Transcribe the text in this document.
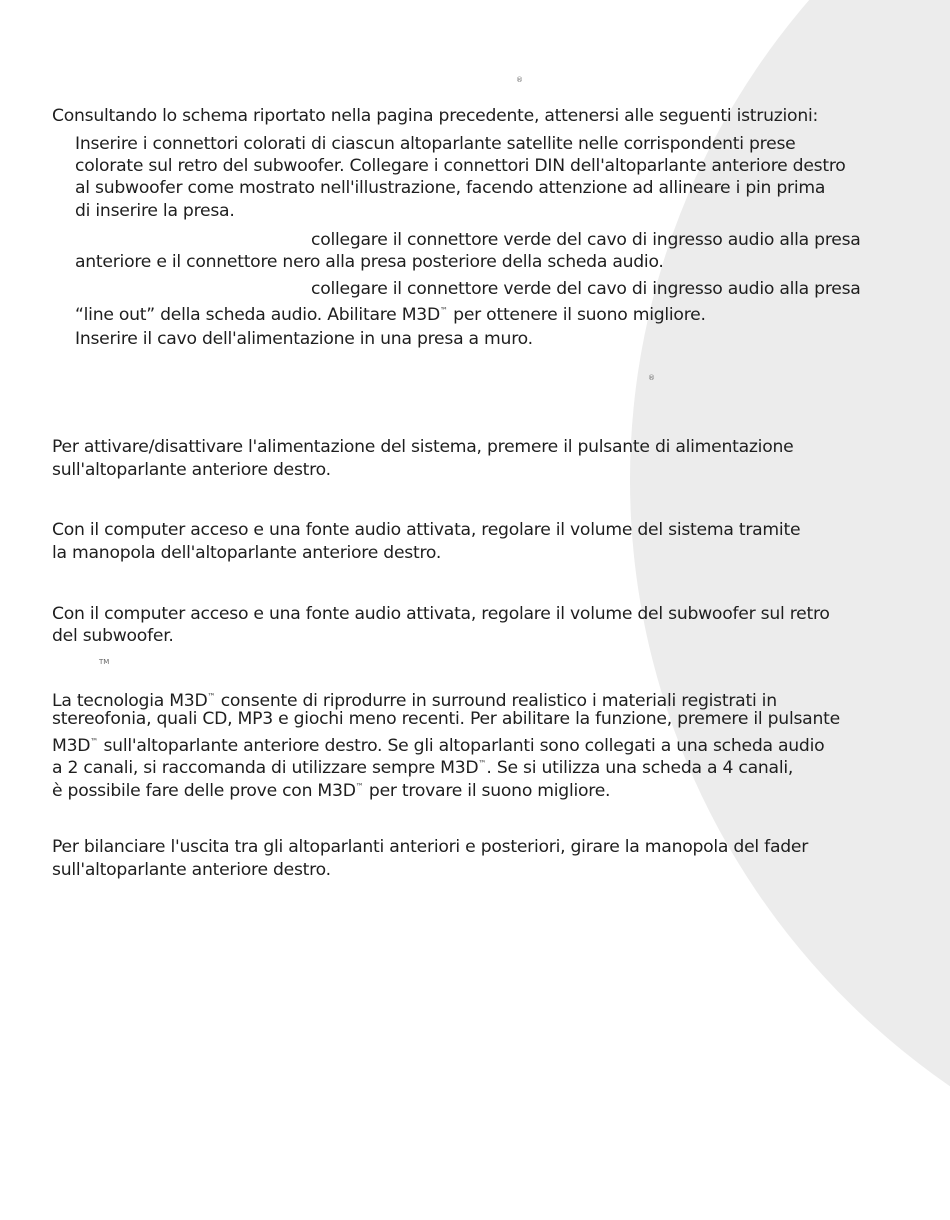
®
Consultando lo schema riportato nella pagina precedente, attenersi alle seguenti istruzioni:
Inserire i connettori colorati di ciascun altoparlante satellite nelle corrispondenti prese
colorate sul retro del subwoofer. Collegare i connettori DIN dell'altoparlante anteriore destro
al subwoofer come mostrato nell'illustrazione, facendo attenzione ad allineare i pin prima
di inserire la presa.
collegare il connettore verde del cavo di ingresso audio alla presa
anteriore e il connettore nero alla presa posteriore della scheda audio.
collegare il connettore verde del cavo di ingresso audio alla presa
“line out” della scheda audio. Abilitare M3D™ per ottenere il suono migliore.
Inserire il cavo dell'alimentazione in una presa a muro.
®
Per attivare/disattivare l'alimentazione del sistema, premere il pulsante di alimentazione
sull'altoparlante anteriore destro.
Con il computer acceso e una fonte audio attivata, regolare il volume del sistema tramite
la manopola dell'altoparlante anteriore destro.
Con il computer acceso e una fonte audio attivata, regolare il volume del subwoofer sul retro
del subwoofer.
TM
La tecnologia M3D™ consente di riprodurre in surround realistico i materiali registrati in
stereofonia, quali CD, MP3 e giochi meno recenti. Per abilitare la funzione, premere il pulsante
M3D™ sull'altoparlante anteriore destro. Se gli altoparlanti sono collegati a una scheda audio
a 2 canali, si raccomanda di utilizzare sempre M3D™. Se si utilizza una scheda a 4 canali,
è possibile fare delle prove con M3D™ per trovare il suono migliore.
Per bilanciare l'uscita tra gli altoparlanti anteriori e posteriori, girare la manopola del fader
sull'altoparlante anteriore destro.
